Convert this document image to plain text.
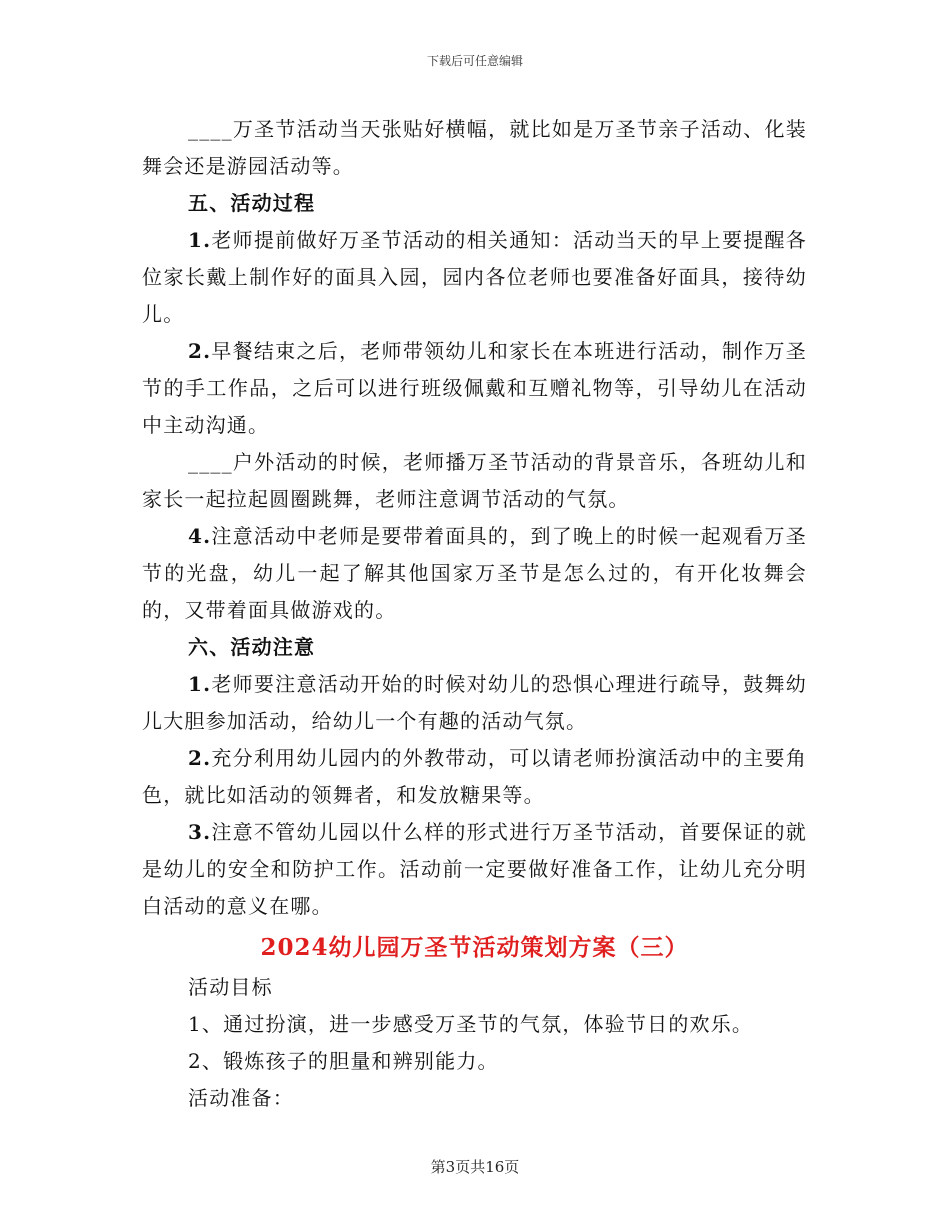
下载后可任意编辑

____万圣节活动当天张贴好横幅，就比如是万圣节亲子活动、化装舞会还是游园活动等。

五、活动过程

1.老师提前做好万圣节活动的相关通知：活动当天的早上要提醒各位家长戴上制作好的面具入园，园内各位老师也要准备好面具，接待幼儿。

2.早餐结束之后，老师带领幼儿和家长在本班进行活动，制作万圣节的手工作品，之后可以进行班级佩戴和互赠礼物等，引导幼儿在活动中主动沟通。

____户外活动的时候，老师播万圣节活动的背景音乐，各班幼儿和家长一起拉起圆圈跳舞，老师注意调节活动的气氛。

4.注意活动中老师是要带着面具的，到了晚上的时候一起观看万圣节的光盘，幼儿一起了解其他国家万圣节是怎么过的，有开化妆舞会的，又带着面具做游戏的。

六、活动注意

1.老师要注意活动开始的时候对幼儿的恐惧心理进行疏导，鼓舞幼儿大胆参加活动，给幼儿一个有趣的活动气氛。

2.充分利用幼儿园内的外教带动，可以请老师扮演活动中的主要角色，就比如活动的领舞者，和发放糖果等。

3.注意不管幼儿园以什么样的形式进行万圣节活动，首要保证的就是幼儿的安全和防护工作。活动前一定要做好准备工作，让幼儿充分明白活动的意义在哪。

2024幼儿园万圣节活动策划方案（三）

活动目标

1、通过扮演，进一步感受万圣节的气氛，体验节日的欢乐。

2、锻炼孩子的胆量和辨别能力。

活动准备：

第3页共16页
